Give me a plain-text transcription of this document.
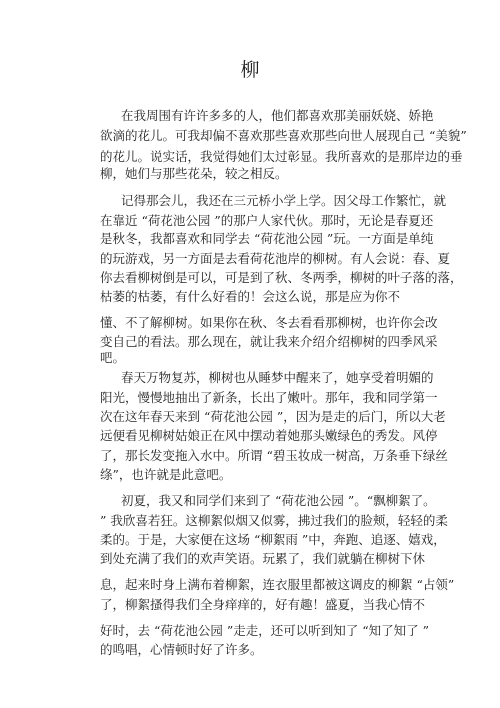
柳
在我周围有许许多多的人，他们都喜欢那美丽妖娆、娇艳
欲滴的花儿。可我却偏不喜欢那些喜欢那些向世人展现自己 “美貌”
的花儿。说实话，我觉得她们太过彰显。我所喜欢的是那岸边的垂
柳，她们与那些花朵，较之相反。
记得那会儿，我还在三元桥小学上学。因父母工作繁忙，就
在靠近 “荷花池公园 ”的那户人家代伙。那时，无论是春夏还
是秋冬，我都喜欢和同学去 “荷花池公园 ”玩。一方面是单纯
的玩游戏，另一方面是去看荷花池岸的柳树。有人会说：春、夏
你去看柳树倒是可以，可是到了秋、冬两季，柳树的叶子落的落，
枯萎的枯萎，有什么好看的！会这么说，那是应为你不
懂、不了解柳树。如果你在秋、冬去看看那柳树，也许你会改
变自己的看法。那么现在，就让我来介绍介绍柳树的四季风采
吧。
春天万物复苏，柳树也从睡梦中醒来了，她享受着明媚的
阳光，慢慢地抽出了新条，长出了嫩叶。那年，我和同学第一
次在这年春天来到 “荷花池公园 ”，因为是走的后门，所以大老
远便看见柳树姑娘正在风中摆动着她那头嫩绿色的秀发。风停
了，那长发变拖入水中。所谓 “碧玉妆成一树高，万条垂下绿丝
绦”，也许就是此意吧。
初夏，我又和同学们来到了 “荷花池公园 ”。“飘柳絮了。
” 我欣喜若狂。这柳絮似烟又似雾，拂过我们的脸颊，轻轻的柔
柔的。于是，大家便在这场 “柳絮雨 ”中，奔跑、追逐、嬉戏，
到处充满了我们的欢声笑语。玩累了，我们就躺在柳树下休
息，起来时身上满布着柳絮，连衣服里都被这调皮的柳絮 “占领”
了，柳絮搔得我们全身痒痒的，好有趣！盛夏，当我心情不
好时，去 “荷花池公园 ”走走，还可以听到知了 “知了知了 ”
的鸣唱，心情顿时好了许多。
